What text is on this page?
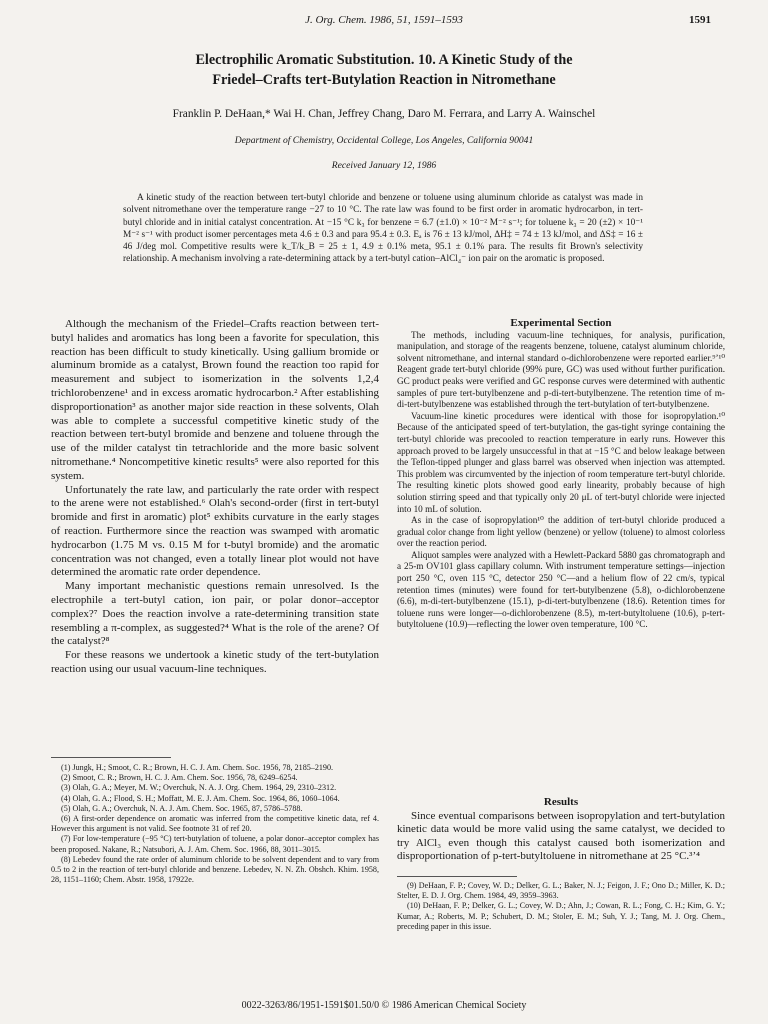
J. Org. Chem. 1986, 51, 1591–1593	1591
Electrophilic Aromatic Substitution. 10. A Kinetic Study of the
Friedel–Crafts tert-Butylation Reaction in Nitromethane
Franklin P. DeHaan,* Wai H. Chan, Jeffrey Chang, Daro M. Ferrara, and Larry A. Wainschel
Department of Chemistry, Occidental College, Los Angeles, California 90041
Received January 12, 1986
A kinetic study of the reaction between tert-butyl chloride and benzene or toluene using aluminum chloride as catalyst was made in solvent nitromethane over the temperature range −27 to 10 °C. The rate law was found to be first order in aromatic hydrocarbon, in tert-butyl chloride and in initial catalyst concentration. At −15 °C k₃ for benzene = 6.7 (±1.0) × 10⁻² M⁻² s⁻¹; for toluene k₃ = 20 (±2) × 10⁻¹ M⁻² s⁻¹ with product isomer percentages meta 4.6 ± 0.3 and para 95.4 ± 0.3. Eₐ is 76 ± 13 kJ/mol, ΔH‡ = 74 ± 13 kJ/mol, and ΔS‡ = 16 ± 46 J/deg mol. Competitive results were k_T/k_B = 25 ± 1, 4.9 ± 0.1% meta, 95.1 ± 0.1% para. The results fit Brown's selectivity relationship. A mechanism involving a rate-determining attack by a tert-butyl cation–AlCl₄⁻ ion pair on the aromatic is proposed.

Although the mechanism of the Friedel–Crafts reaction between tert-butyl halides and aromatics has long been a favorite for speculation, this reaction has been difficult to study kinetically. Using gallium bromide or aluminum bromide as a catalyst, Brown found the reaction too rapid for measurement and subject to isomerization in the solvents 1,2,4 trichlorobenzene¹ and in excess aromatic hydrocarbon.² After establishing disproportionation³ as another major side reaction in these solvents, Olah was able to complete a successful competitive kinetic study of the reaction between tert-butyl bromide and benzene and toluene through the use of the milder catalyst tin tetrachloride and the more basic solvent nitromethane.⁴ Noncompetitive kinetic results⁵ were also reported for this system.

Unfortunately the rate law, and particularly the rate order with respect to the arene were not established.⁶ Olah's second-order (first in tert-butyl bromide and first in aromatic) plot⁵ exhibits curvature in the early stages of reaction. Furthermore since the reaction was swamped with aromatic hydrocarbon (1.75 M vs. 0.15 M for t-butyl bromide) and the aromatic concentration was not changed, even a totally linear plot would not have determined the aromatic rate order dependence.

Many important mechanistic questions remain unresolved. Is the electrophile a tert-butyl cation, ion pair, or polar donor–acceptor complex?⁷ Does the reaction involve a rate-determining transition state resembling a π-complex, as suggested?⁴ What is the role of the arene? Of the catalyst?⁸

For these reasons we undertook a kinetic study of the tert-butylation reaction using our usual vacuum-line techniques.

Experimental Section

The methods, including vacuum-line techniques, for analysis, purification, manipulation, and storage of the reagents benzene, toluene, catalyst aluminum chloride, solvent nitromethane, and internal standard o-dichlorobenzene were reported earlier.⁹ʼ¹⁰ Reagent grade tert-butyl chloride (99% pure, GC) was used without further purification. GC product peaks were verified and GC response curves were determined with authentic samples of pure tert-butylbenzene and p-di-tert-butylbenzene. The retention time of m-di-tert-butylbenzene was established through the tert-butylation of tert-butylbenzene.

Vacuum-line kinetic procedures were identical with those for isopropylation.¹⁰ Because of the anticipated speed of tert-butylation, the gas-tight syringe containing the tert-butyl chloride was precooled to reaction temperature in early runs. However this approach proved to be largely unsuccessful in that at −15 °C and below leakage between the Teflon-tipped plunger and glass barrel was observed when injection was attempted. This problem was circumvented by the injection of room temperature tert-butyl chloride. The resulting kinetic plots showed good early linearity, probably because of high solution stirring speed and that typically only 20 μL of tert-butyl chloride were injected into 10 mL of solution.

As in the case of isopropylation¹⁰ the addition of tert-butyl chloride produced a gradual color change from light yellow (benzene) or yellow (toluene) to almost colorless over the reaction period.

Aliquot samples were analyzed with a Hewlett-Packard 5880 gas chromatograph and a 25-m OV101 glass capillary column. With instrument temperature settings—injection port 250 °C, oven 115 °C, detector 250 °C—and a helium flow of 22 cm/s, typical retention times (minutes) were found for tert-butylbenzene (5.8), o-dichlorobenzene (6.6), m-di-tert-butylbenzene (15.1), p-di-tert-butylbenzene (18.6). Retention times for toluene runs were longer—o-dichlorobenzene (8.5), m-tert-butyltoluene (10.6), p-tert-butyltoluene (10.9)—reflecting the lower oven temperature, 100 °C.

(1) Jungk, H.; Smoot, C. R.; Brown, H. C. J. Am. Chem. Soc. 1956, 78, 2185–2190.
(2) Smoot, C. R.; Brown, H. C. J. Am. Chem. Soc. 1956, 78, 6249–6254.
(3) Olah, G. A.; Meyer, M. W.; Overchuk, N. A. J. Org. Chem. 1964, 29, 2310–2312.
(4) Olah, G. A.; Flood, S. H.; Moffatt, M. E. J. Am. Chem. Soc. 1964, 86, 1060–1064.
(5) Olah, G. A.; Overchuk, N. A. J. Am. Chem. Soc. 1965, 87, 5786–5788.
(6) A first-order dependence on aromatic was inferred from the competitive kinetic data, ref 4. However this argument is not valid. See footnote 31 of ref 20.
(7) For low-temperature (−95 °C) tert-butylation of toluene, a polar donor–acceptor complex has been proposed. Nakane, R.; Natsubori, A. J. Am. Chem. Soc. 1966, 88, 3011–3015.
(8) Lebedev found the rate order of aluminum chloride to be solvent dependent and to vary from 0.5 to 2 in the reaction of tert-butyl chloride and benzene. Lebedev, N. N. Zh. Obshch. Khim. 1958, 28, 1151–1160; Chem. Abstr. 1958, 17922e.

Results

Since eventual comparisons between isopropylation and tert-butylation kinetic data would be more valid using the same catalyst, we decided to try AlCl₃ even though this catalyst caused both isomerization and disproportionation of p-tert-butyltoluene in nitromethane at 25 °C.³ʼ⁴

(9) DeHaan, F. P.; Covey, W. D.; Delker, G. L.; Baker, N. J.; Feigon, J. F.; Ono D.; Miller, K. D.; Stelter, E. D. J. Org. Chem. 1984, 49, 3959–3963.
(10) DeHaan, F. P.; Delker, G. L.; Covey, W. D.; Ahn, J.; Cowan, R. L.; Fong, C. H.; Kim, G. Y.; Kumar, A.; Roberts, M. P.; Schubert, D. M.; Stoler, E. M.; Suh, Y. J.; Tang, M. J. Org. Chem., preceding paper in this issue.
0022-3263/86/1951-1591$01.50/0 © 1986 American Chemical Society
